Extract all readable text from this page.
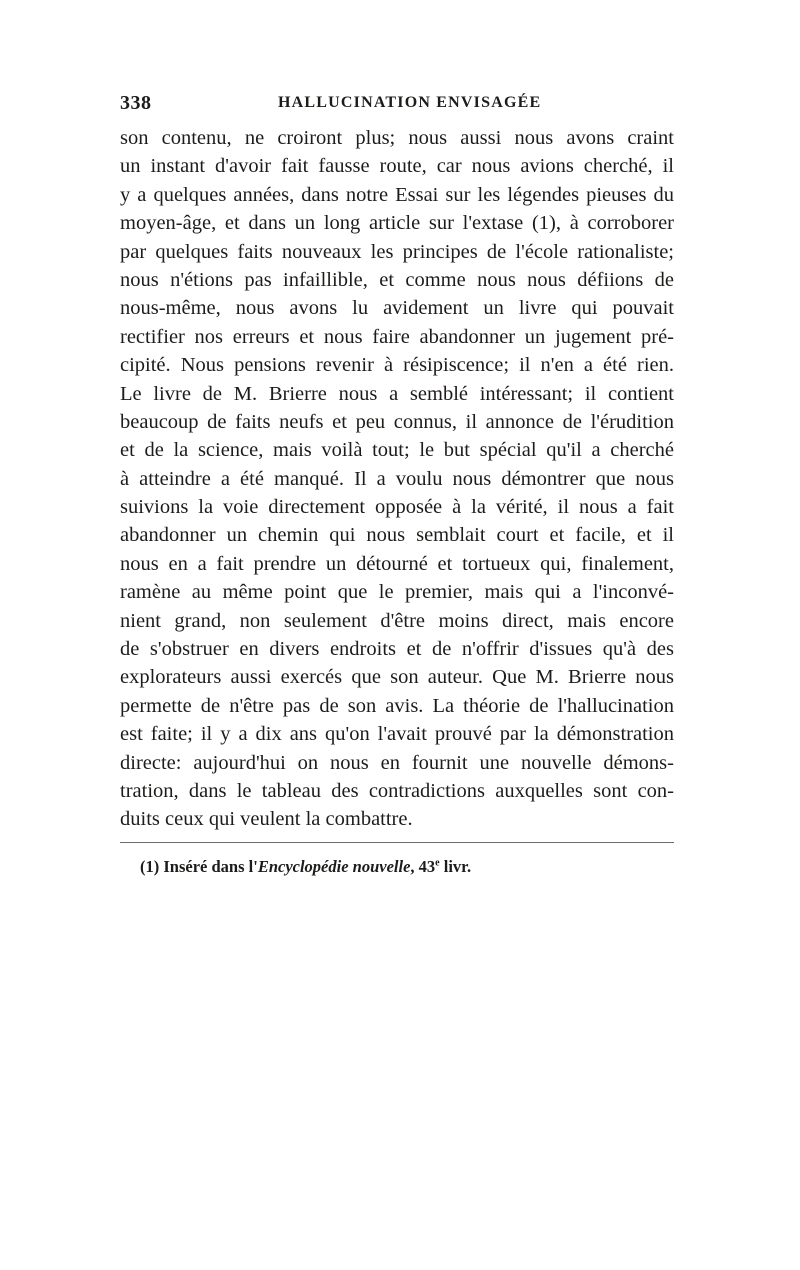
338	HALLUCINATION ENVISAGÉE
son contenu, ne croiront plus; nous aussi nous avons craint
un instant d'avoir fait fausse route, car nous avions cherché, il
y a quelques années, dans notre Essai sur les légendes pieuses du
moyen-âge, et dans un long article sur l'extase (1), à corroborer
par quelques faits nouveaux les principes de l'école rationaliste;
nous n'étions pas infaillible, et comme nous nous défiions de
nous-même, nous avons lu avidement un livre qui pouvait
rectifier nos erreurs et nous faire abandonner un jugement pré-
cipité. Nous pensions revenir à résipiscence; il n'en a été rien.
Le livre de M. Brierre nous a semblé intéressant; il contient
beaucoup de faits neufs et peu connus, il annonce de l'érudition
et de la science, mais voilà tout; le but spécial qu'il a cherché
à atteindre a été manqué. Il a voulu nous démontrer que nous
suivions la voie directement opposée à la vérité, il nous a fait
abandonner un chemin qui nous semblait court et facile, et il
nous en a fait prendre un détourné et tortueux qui, finalement,
ramène au même point que le premier, mais qui a l'inconvé-
nient grand, non seulement d'être moins direct, mais encore
de s'obstruer en divers endroits et de n'offrir d'issues qu'à des
explorateurs aussi exercés que son auteur. Que M. Brierre nous
permette de n'être pas de son avis. La théorie de l'hallucination
est faite; il y a dix ans qu'on l'avait prouvé par la démonstration
directe: aujourd'hui on nous en fournit une nouvelle démons-
tration, dans le tableau des contradictions auxquelles sont con-
duits ceux qui veulent la combattre.
(1) Inséré dans l'Encyclopédie nouvelle, 43e livr.
